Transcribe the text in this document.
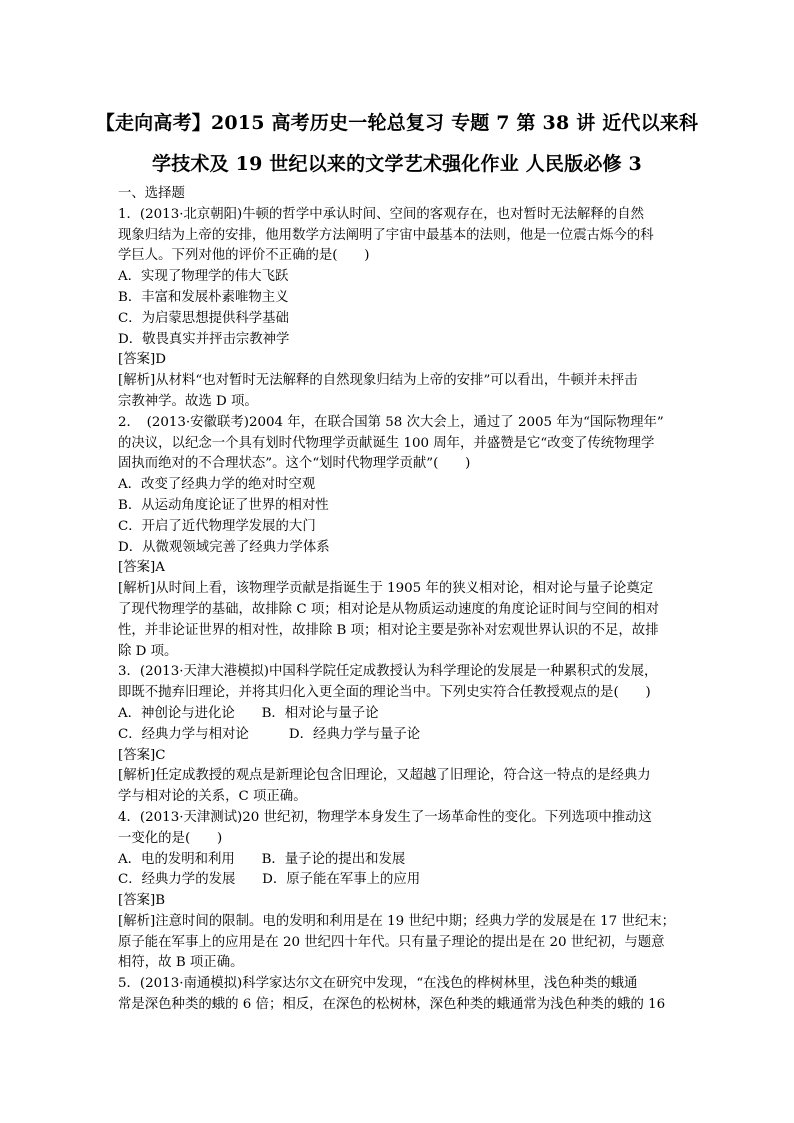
【走向高考】2015 高考历史一轮总复习 专题 7 第 38 讲 近代以来科
学技术及 19 世纪以来的文学艺术强化作业 人民版必修 3
一、选择题
1．(2013·北京朝阳)牛顿的哲学中承认时间、空间的客观存在，也对暂时无法解释的自然
现象归结为上帝的安排，他用数学方法阐明了宇宙中最基本的法则，他是一位震古烁今的科
学巨人。下列对他的评价不正确的是(　　)
A．实现了物理学的伟大飞跃
B．丰富和发展朴素唯物主义
C．为启蒙思想提供科学基础
D．敬畏真实并抨击宗教神学
[答案]D
[解析]从材料“也对暂时无法解释的自然现象归结为上帝的安排”可以看出，牛顿并未抨击
宗教神学。故选 D 项。
2．　(2013·安徽联考)2004 年，在联合国第 58 次大会上，通过了 2005 年为“国际物理年”
的决议，以纪念一个具有划时代物理学贡献诞生 100 周年，并盛赞是它“改变了传统物理学
固执而绝对的不合理状态”。这个“划时代物理学贡献”(　　)
A．改变了经典力学的绝对时空观
B．从运动角度论证了世界的相对性
C．开启了近代物理学发展的大门
D．从微观领域完善了经典力学体系
[答案]A
[解析]从时间上看，该物理学贡献是指诞生于 1905 年的狭义相对论，相对论与量子论奠定
了现代物理学的基础，故排除 C 项；相对论是从物质运动速度的角度论证时间与空间的相对
性，并非论证世界的相对性，故排除 B 项；相对论主要是弥补对宏观世界认识的不足，故排
除 D 项。
3．(2013·天津大港模拟)中国科学院任定成教授认为科学理论的发展是一种累积式的发展，
即既不抛弃旧理论，并将其归化入更全面的理论当中。下列史实符合任教授观点的是(　　)
A．神创论与进化论　　B．相对论与量子论
C．经典力学与相对论　　　D．经典力学与量子论
[答案]C
[解析]任定成教授的观点是新理论包含旧理论，又超越了旧理论，符合这一特点的是经典力
学与相对论的关系，C 项正确。
4．(2013·天津测试)20 世纪初，物理学本身发生了一场革命性的变化。下列选项中推动这
一变化的是(　　)
A．电的发明和利用　　B．量子论的提出和发展
C．经典力学的发展　　D．原子能在军事上的应用
[答案]B
[解析]注意时间的限制。电的发明和利用是在 19 世纪中期；经典力学的发展是在 17 世纪末；
原子能在军事上的应用是在 20 世纪四十年代。只有量子理论的提出是在 20 世纪初，与题意
相符，故 B 项正确。
5．(2013·南通模拟)科学家达尔文在研究中发现，“在浅色的桦树林里，浅色种类的蛾通
常是深色种类的蛾的 6 倍；相反，在深色的松树林，深色种类的蛾通常为浅色种类的蛾的 16
